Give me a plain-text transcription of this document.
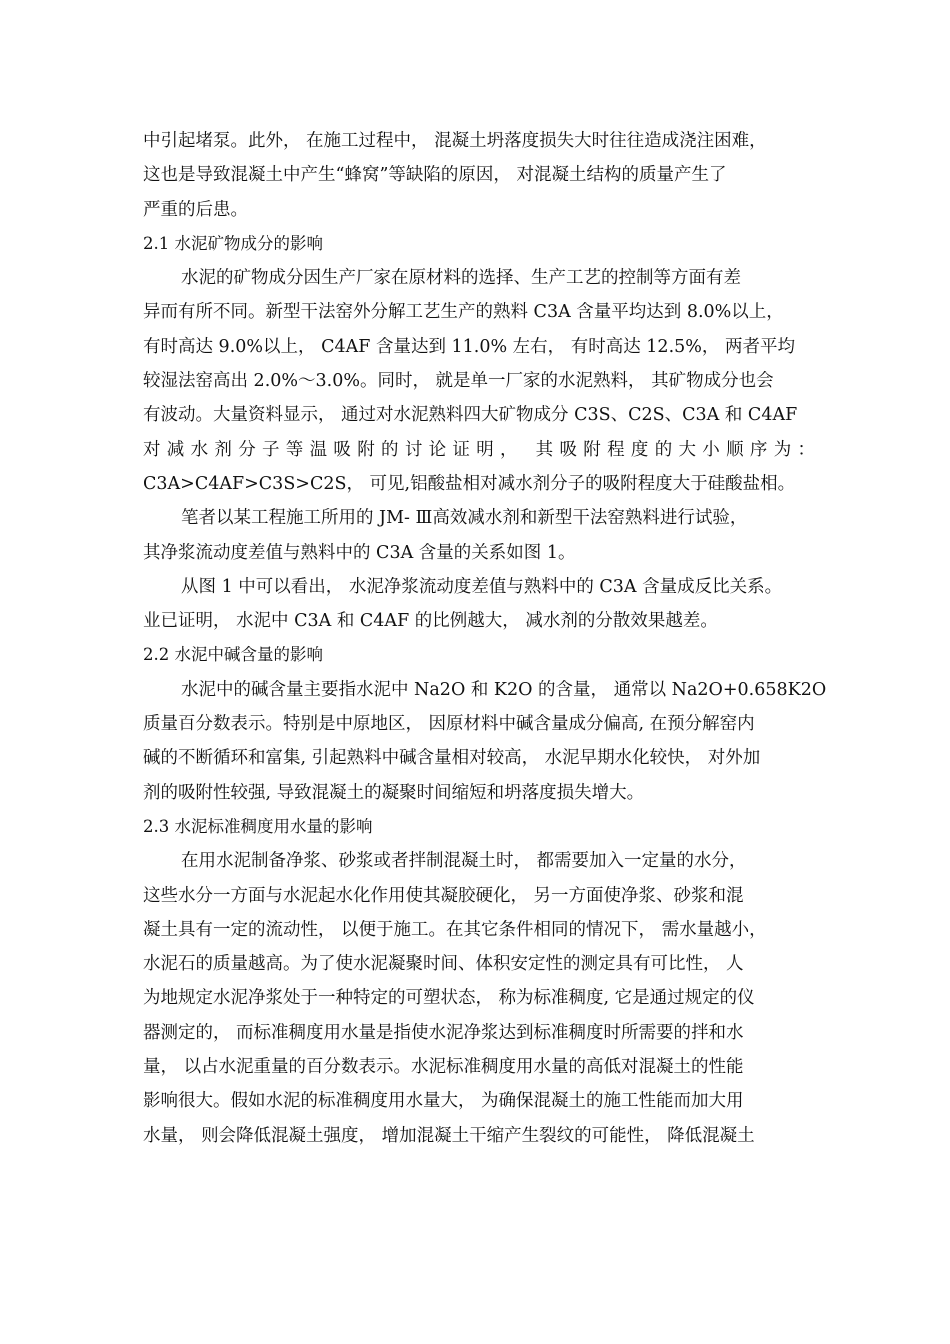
中引起堵泵。此外， 在施工过程中， 混凝土坍落度损失大时往往造成浇注困难，
这也是导致混凝土中产生“蜂窝”等缺陷的原因， 对混凝土结构的质量产生了
严重的后患。
2.1 水泥矿物成分的影响
水泥的矿物成分因生产厂家在原材料的选择、生产工艺的控制等方面有差
异而有所不同。新型干法窑外分解工艺生产的熟料 C3A 含量平均达到 8.0%以上，
有时高达 9.0%以上， C4AF 含量达到 11.0% 左右， 有时高达 12.5%， 两者平均
较湿法窑高出 2.0%～3.0%。同时， 就是单一厂家的水泥熟料， 其矿物成分也会
有波动。大量资料显示， 通过对水泥熟料四大矿物成分 C3S、C2S、C3A 和 C4AF
对减水剂分子等温吸附的讨论证明， 其吸附程度的大小顺序为：
C3A>C4AF>C3S>C2S， 可见,铝酸盐相对减水剂分子的吸附程度大于硅酸盐相。
笔者以某工程施工所用的 JM- Ⅲ高效减水剂和新型干法窑熟料进行试验，
其净浆流动度差值与熟料中的 C3A 含量的关系如图 1。
从图 1 中可以看出， 水泥净浆流动度差值与熟料中的 C3A 含量成反比关系。
业已证明， 水泥中 C3A 和 C4AF 的比例越大， 减水剂的分散效果越差。
2.2 水泥中碱含量的影响
水泥中的碱含量主要指水泥中 Na2O 和 K2O 的含量， 通常以 Na2O+0.658K2O
质量百分数表示。特别是中原地区， 因原材料中碱含量成分偏高, 在预分解窑内
碱的不断循环和富集, 引起熟料中碱含量相对较高， 水泥早期水化较快， 对外加
剂的吸附性较强, 导致混凝土的凝聚时间缩短和坍落度损失增大。
2.3 水泥标准稠度用水量的影响
在用水泥制备净浆、砂浆或者拌制混凝土时， 都需要加入一定量的水分，
这些水分一方面与水泥起水化作用使其凝胶硬化， 另一方面使净浆、砂浆和混
凝土具有一定的流动性， 以便于施工。在其它条件相同的情况下， 需水量越小，
水泥石的质量越高。为了使水泥凝聚时间、体积安定性的测定具有可比性， 人
为地规定水泥净浆处于一种特定的可塑状态， 称为标准稠度, 它是通过规定的仪
器测定的， 而标准稠度用水量是指使水泥净浆达到标准稠度时所需要的拌和水
量， 以占水泥重量的百分数表示。水泥标准稠度用水量的高低对混凝土的性能
影响很大。假如水泥的标准稠度用水量大， 为确保混凝土的施工性能而加大用
水量， 则会降低混凝土强度， 增加混凝土干缩产生裂纹的可能性， 降低混凝土
